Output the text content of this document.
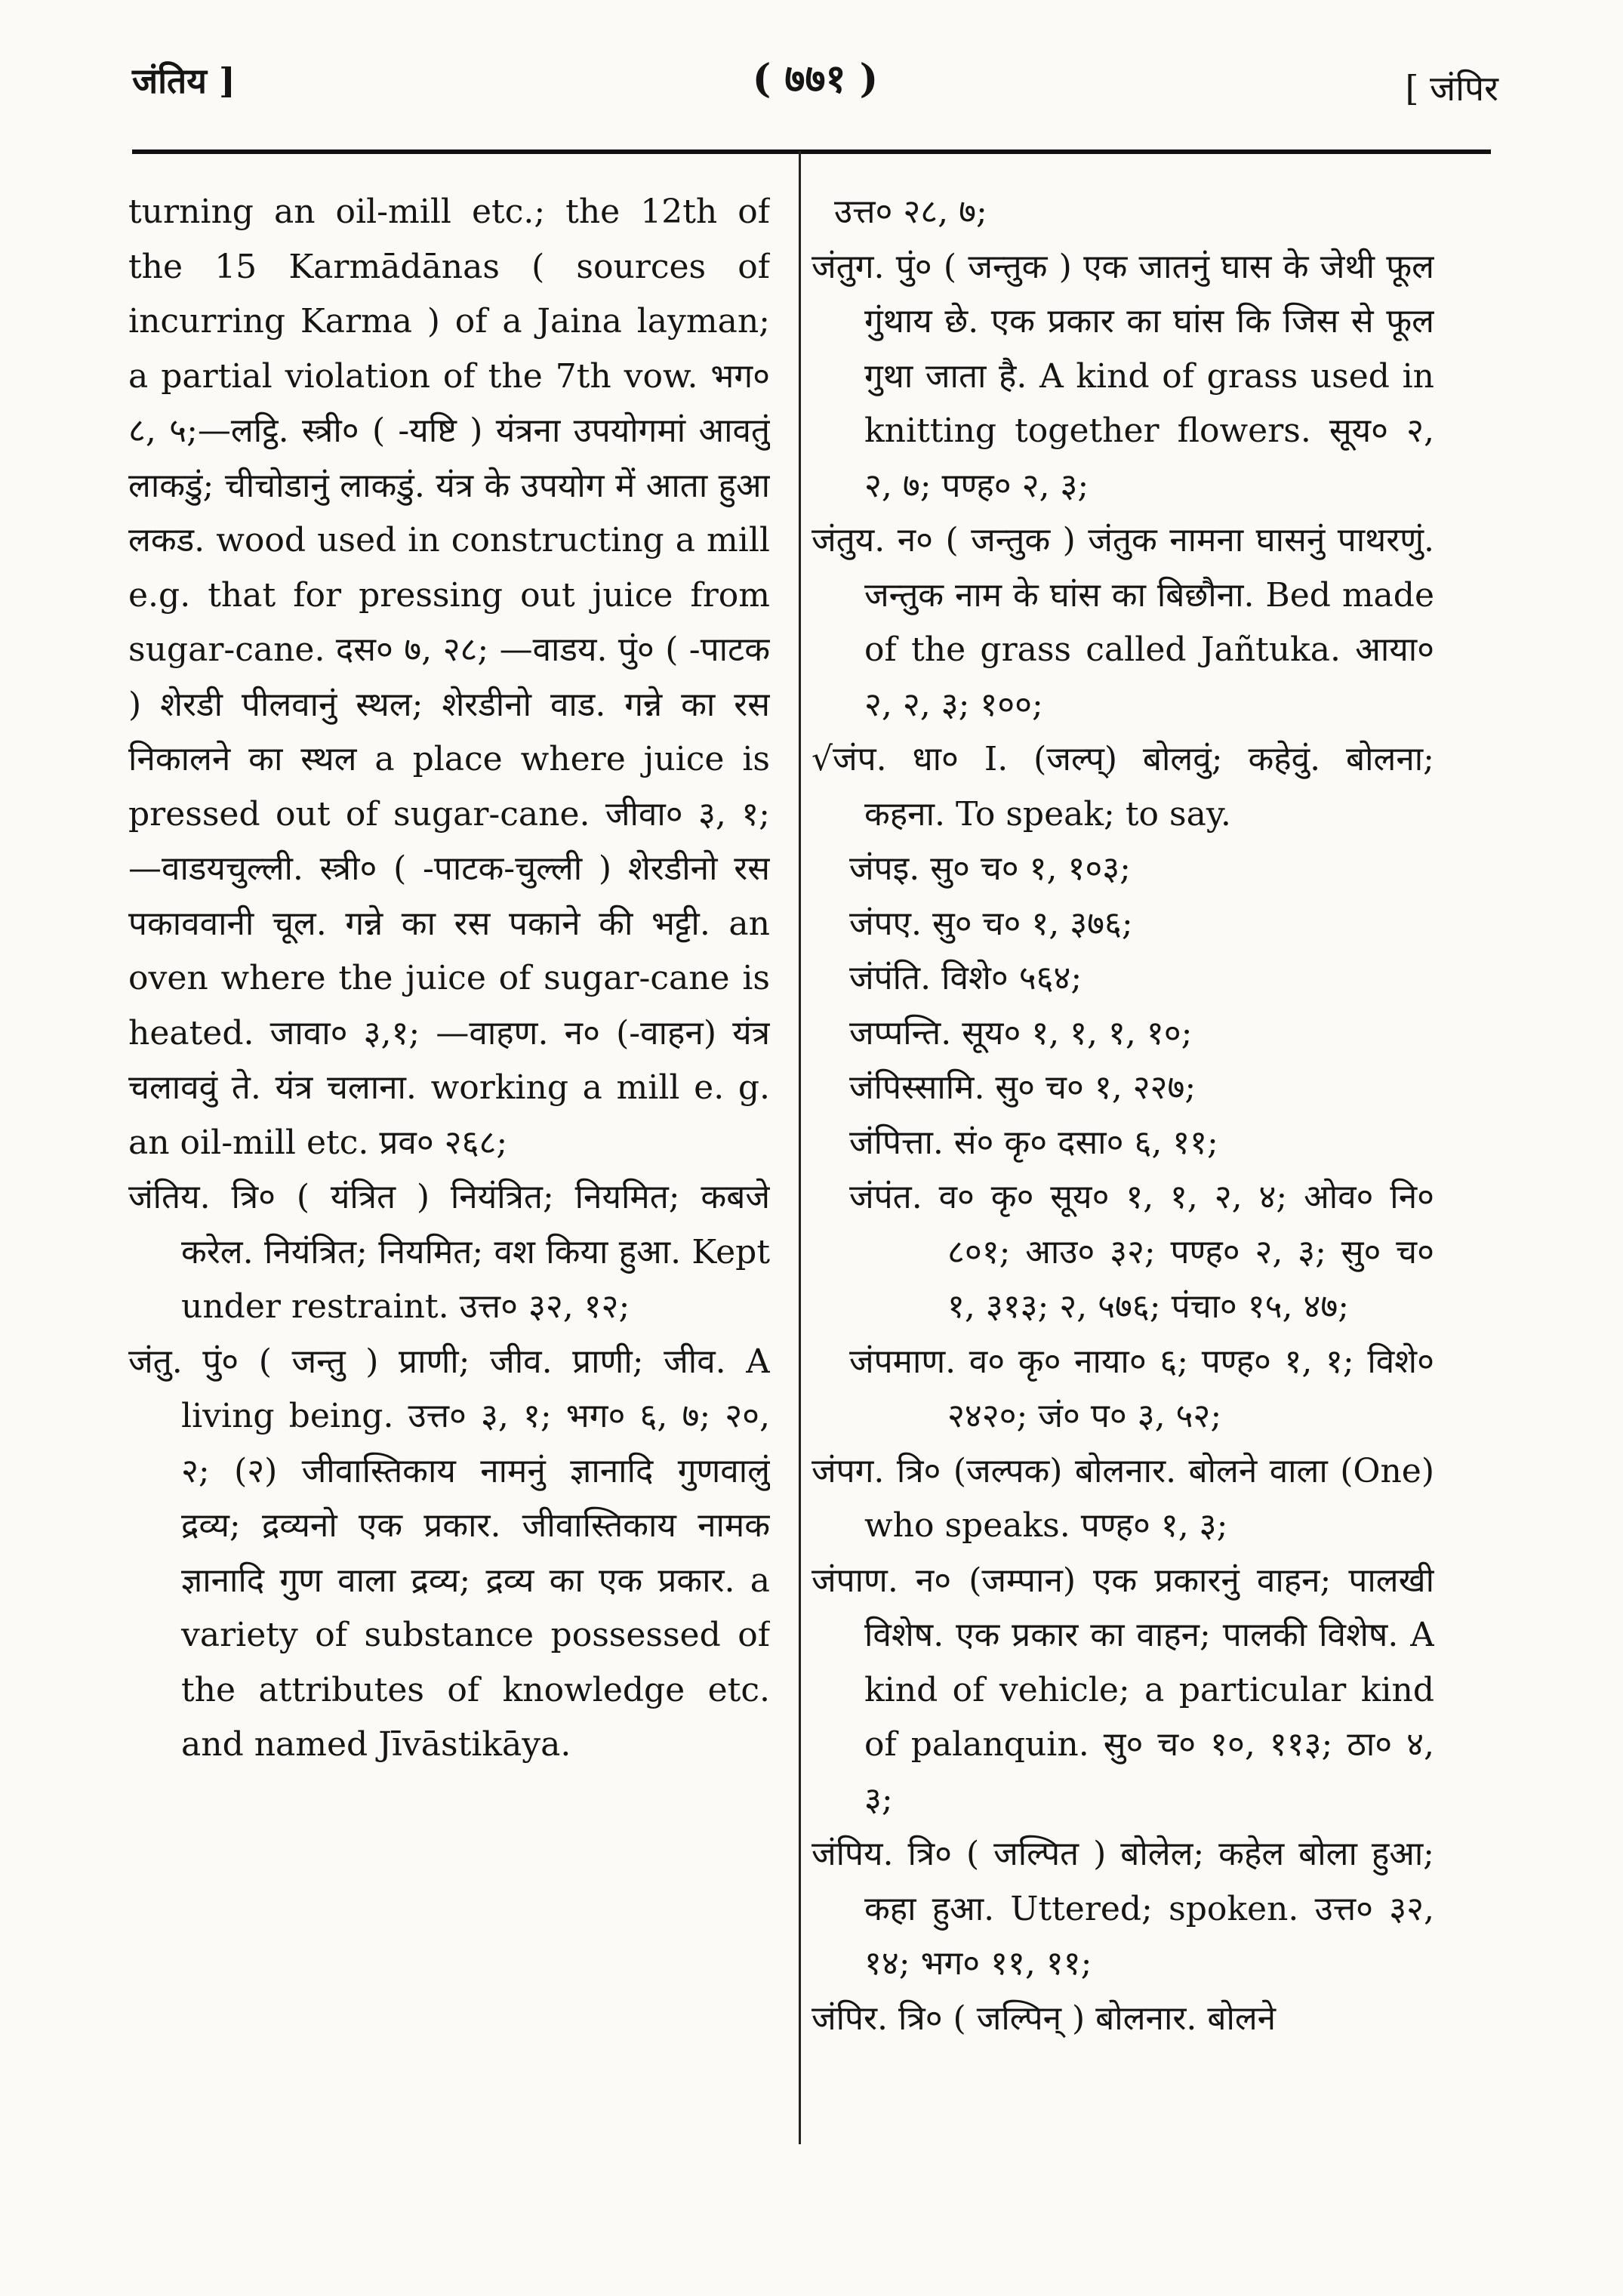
जंतिय ]	( ७७१ )	[ जंपिर

turning an oil-mill etc.; the 12th of the 15 Karmādānas ( sources of incurring Karma ) of a Jaina layman; a partial violation of the 7th vow. भग० ८, ५;—लट्ठि. स्त्री० ( -यष्टि ) यंत्रना उपयोगमां आवतुं लाकडुं; चीचोडानुं लाकडुं. यंत्र के उपयोग में आता हुआ लकड. wood used in constructing a mill e.g. that for pressing out juice from sugar-cane. दस० ७, २८; —वाडय. पुं० ( -पाटक ) शेरडी पीलवानुं स्थल; शेरडीनो वाड. गन्ने का रस निकालने का स्थल a place where juice is pressed out of sugar-cane. जीवा० ३, १; —वाडयचुल्ली. स्त्री० ( -पाटक-चुल्ली ) शेरडीनो रस पकाववानी चूल. गन्ने का रस पकाने की भट्टी. an oven where the juice of sugar-cane is heated. जावा० ३,१; —वाहण. न० (-वाहन) यंत्र चलाववुं ते. यंत्र चलाना. working a mill e. g. an oil-mill etc. प्रव० २६८;

जंतिय. त्रि० ( यंत्रित ) नियंत्रित; नियमित; कबजे करेल. नियंत्रित; नियमित; वश किया हुआ. Kept under restraint. उत्त० ३२, १२;

जंतु. पुं० ( जन्तु ) प्राणी; जीव. प्राणी; जीव. A living being. उत्त० ३, १; भग० ६, ७; २०, २; (२) जीवास्तिकाय नामनुं ज्ञानादि गुणवालुं द्रव्य; द्रव्यनो एक प्रकार. जीवास्तिकाय नामक ज्ञानादि गुण वाला द्रव्य; द्रव्य का एक प्रकार. a variety of substance possessed of the attributes of knowledge etc. and named Jīvāstikāya.

उत्त० २८, ७;

जंतुग. पुं० ( जन्तुक ) एक जातनुं घास के जेथी फूल गुंथाय छे. एक प्रकार का घांस कि जिस से फूल गुथा जाता है. A kind of grass used in knitting together flowers. सूय० २, २, ७; पण्ह० २, ३;

जंतुय. न० ( जन्तुक ) जंतुक नामना घासनुं पाथरणुं. जन्तुक नाम के घांस का बिछौना. Bed made of the grass called Jañtuka. आया० २, २, ३; १००;

√जंप. धा० I. (जल्प्) बोलवुं; कहेवुं. बोलना; कहना. To speak; to say.

जंपइ. सु० च० १, १०३;

जंपए. सु० च० १, ३७६;

जंपंति. विशे० ५६४;

जप्पन्ति. सूय० १, १, १, १०;

जंपिस्सामि. सु० च० १, २२७;

जंपित्ता. सं० कृ० दसा० ६, ११;

जंपंत. व० कृ० सूय० १, १, २, ४; ओव० नि० ८०१; आउ० ३२; पण्ह० २, ३; सु० च० १, ३१३; २, ५७६; पंचा० १५, ४७;

जंपमाण. व० कृ० नाया० ६; पण्ह० १, १; विशे० २४२०; जं० प० ३, ५२;

जंपग. त्रि० (जल्पक) बोलनार. बोलने वाला (One) who speaks. पण्ह० १, ३;

जंपाण. न० (जम्पान) एक प्रकारनुं वाहन; पालखी विशेष. एक प्रकार का वाहन; पालकी विशेष. A kind of vehicle; a particular kind of palanquin. सु० च० १०, ११३; ठा० ४, ३;

जंपिय. त्रि० ( जल्पित ) बोलेल; कहेल बोला हुआ; कहा हुआ. Uttered; spoken. उत्त० ३२, १४; भग० ११, ११;

जंपिर. त्रि० ( जल्पिन् ) बोलनार. बोलने
